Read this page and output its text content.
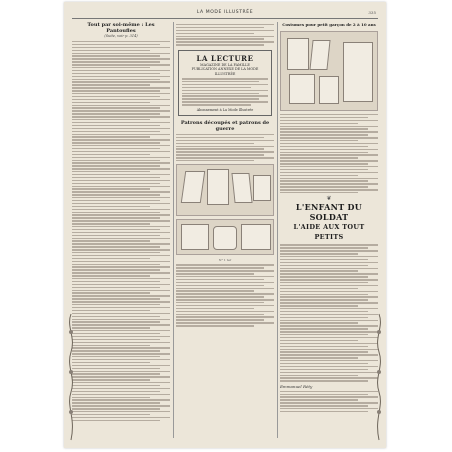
LA MODE ILLUSTRÉE	335
Tout par soi-même : Les Pantoufles
(Suite, voir p. 314)
LA LECTURE
MAGAZINE DE LA FAMILLE
PUBLICATION ANNEXE DE LA MODE ILLUSTRÉE
Abonnement à La Mode Illustrée
Patrons découpés et patrons de guerre
N° 1 ter
Costumes pour petit garçon de 2 à 10 ans
❦
L'ENFANT DU SOLDAT
L'AIDE AUX TOUT PETITS
Emmanuel Réty
